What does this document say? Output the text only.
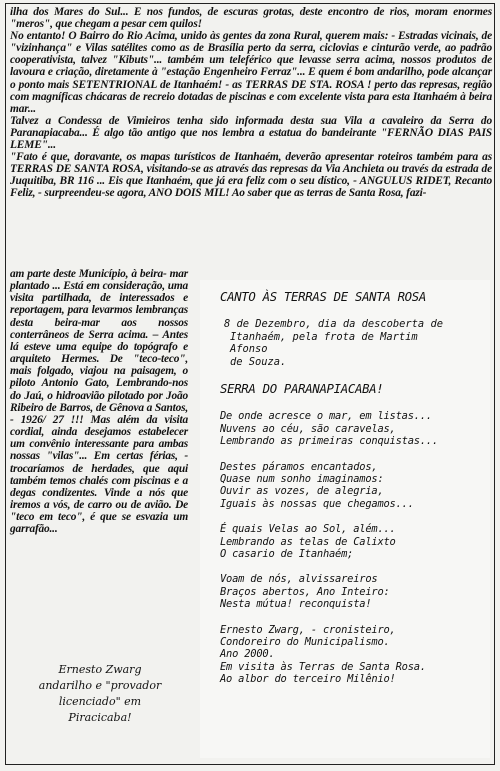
ilha dos Mares do Sul... E nos fundos, de escuras grotas, deste encontro de rios, moram enormes "meros", que chegam a pesar cem quilos!

No entanto! O Bairro do Rio Acima, unido às gentes da zona Rural, querem mais: - Estradas vicinais, de "vizinhança" e Vilas satélites como as de Brasília perto da serra, ciclovias e cinturão verde, ao padrão cooperativista, talvez "Kibuts"... também um teleférico que levasse serra acima, nossos produtos de lavoura e criação, diretamente à "estação Engenheiro Ferraz"... E quem é bom andarilho, pode alcançar o ponto mais SETENTRIONAL de Itanhaém! - as TERRAS DE STA. ROSA ! perto das represas, região com magníficas chácaras de recreio dotadas de piscinas e com excelente vista para esta Itanhaém à beira mar...

Talvez a Condessa de Vimieiros tenha sido informada desta sua Vila a cavaleiro da Serra do Paranapiacaba... É algo tão antigo que nos lembra a estatua do bandeirante "FERNÃO DIAS PAIS LEME"...

"Fato é que, doravante, os mapas turísticos de Itanhaém, deverão apresentar roteiros também para as TERRAS DE SANTA ROSA, visitando-se as através das represas da Via Anchieta ou través da estrada de Juquitiba, BR 116 ... Eis que Itanhaém, que já era feliz com o seu dístico, - ANGULUS RIDET, Recanto Feliz, - surpreendeu-se agora, ANO DOIS MIL! Ao saber que as terras de Santa Rosa, fazi-

am parte deste Município, à beira- mar plantado ... Está em consideração, uma visita partilhada, de interessados e reportagem, para levarmos lembranças desta beira-mar aos nossos conterrâneos de Serra acima. – Antes lá esteve uma equipe do topógrafo e arquiteto Hermes. De "teco-teco", mais folgado, viajou na paisagem, o piloto Antonio Gato, Lembrando-nos do Jaú, o hidroavião pilotado por João Ribeiro de Barros, de Gênova a Santos, - 1926/ 27 !!! Mas além da visita cordial, ainda desejamos estabelecer um convênio interessante para ambas nossas "vilas"... Em certas férias, - trocaríamos de herdades, que aqui também temos chalés com piscinas e a degas condizentes. Vinde a nós que iremos a vós, de carro ou de avião. De "teco em teco", é que se esvazia um garrafão...

Ernesto Zwarg
andarilho e "provador
licenciado" em
Piracicaba!
CANTO ÀS TERRAS DE SANTA ROSA
8 de Dezembro, dia da descoberta de
Itanhaém, pela frota de Martim
Afonso
de Souza.
SERRA DO PARANAPIACABA!
De onde acresce o mar, em listas...
Nuvens ao céu, são caravelas,
Lembrando as primeiras conquistas...
Destes páramos encantados,
Quase num sonho imaginamos:
Ouvir as vozes, de alegria,
Iguais às nossas que chegamos...
É quais Velas ao Sol, além...
Lembrando as telas de Calixto
O casario de Itanhaém;
Voam de nós, alvissareiros
Braços abertos, Ano Inteiro:
Nesta mútua! reconquista!
Ernesto Zwarg, - cronisteiro,
Condoreiro do Municipalismo.
Ano 2000.
Em visita às Terras de Santa Rosa.
Ao albor do terceiro Milênio!
